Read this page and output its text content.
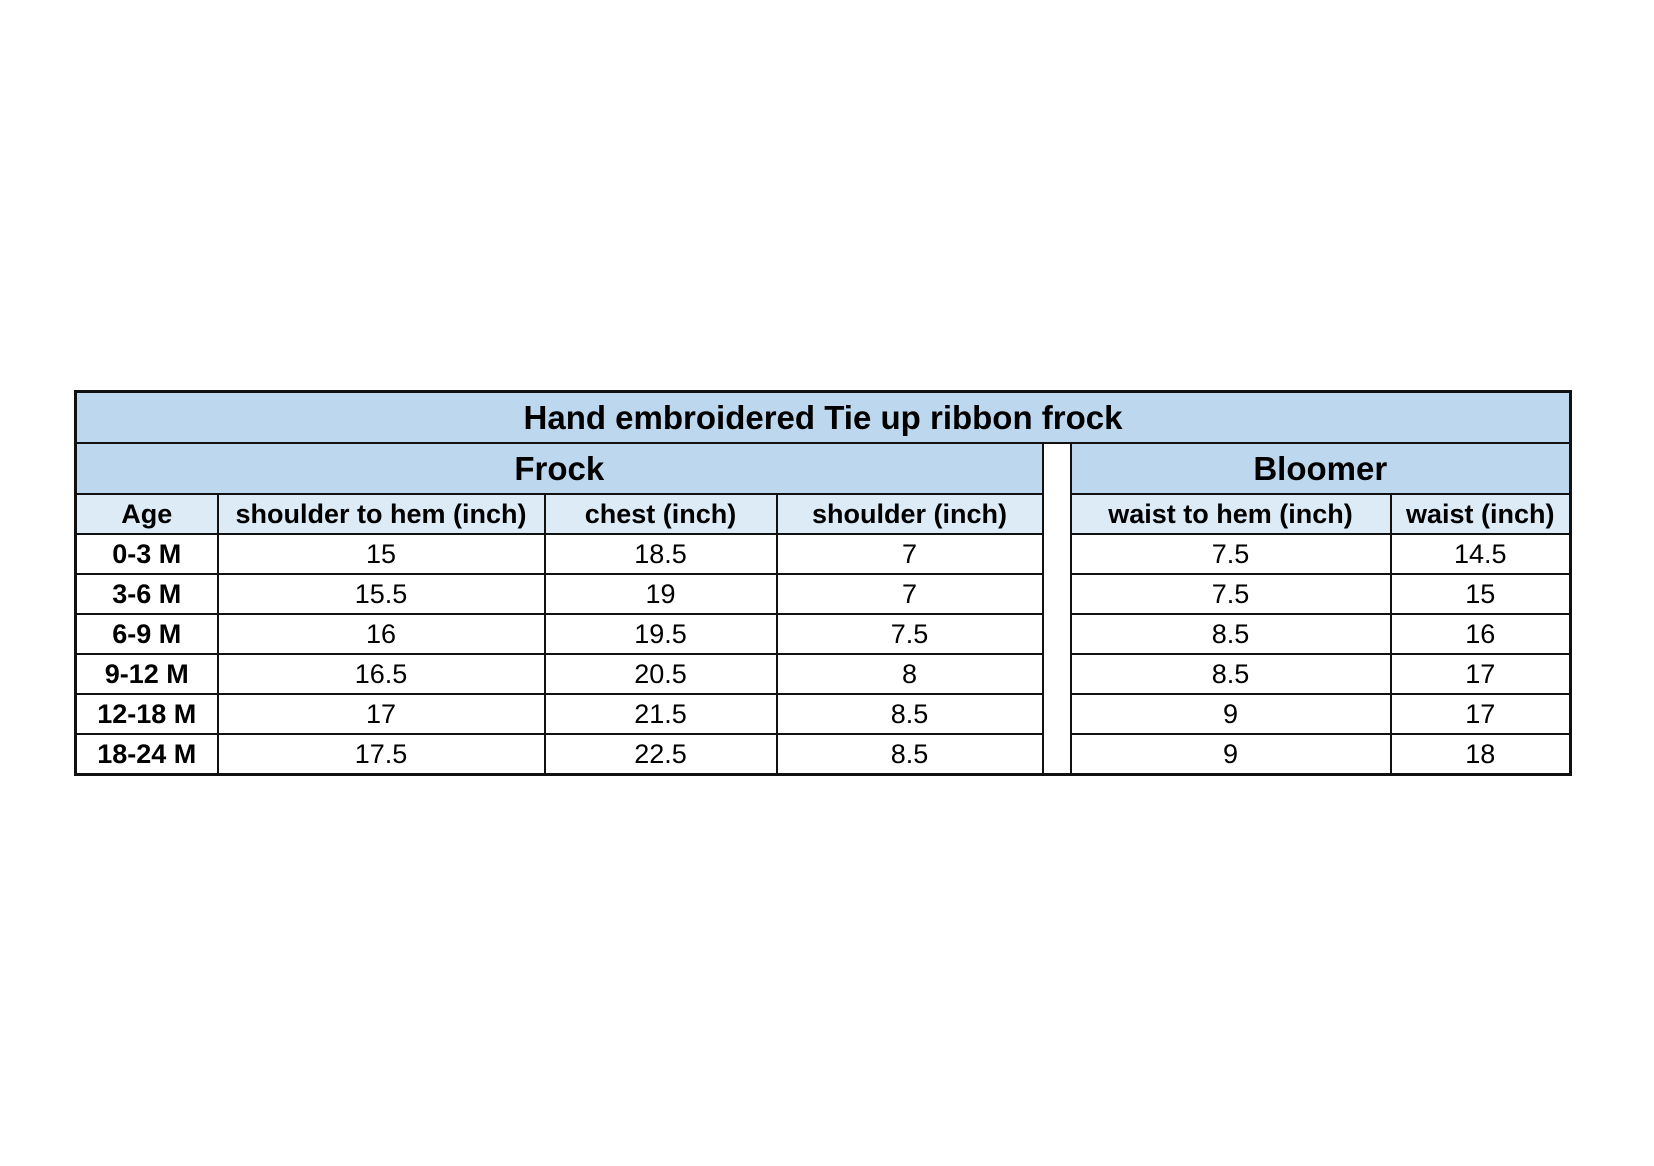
Hand embroidered Tie up ribbon frock						
Frock					Bloomer	
Age	shoulder to hem (inch)	chest (inch)	shoulder (inch)		waist to hem (inch)	waist (inch)
0-3 M	15	18.5	7		7.5	14.5
3-6 M	15.5	19	7		7.5	15
6-9 M	16	19.5	7.5		8.5	16
9-12 M	16.5	20.5	8		8.5	17
12-18 M	17	21.5	8.5		9	17
18-24 M	17.5	22.5	8.5		9	18
